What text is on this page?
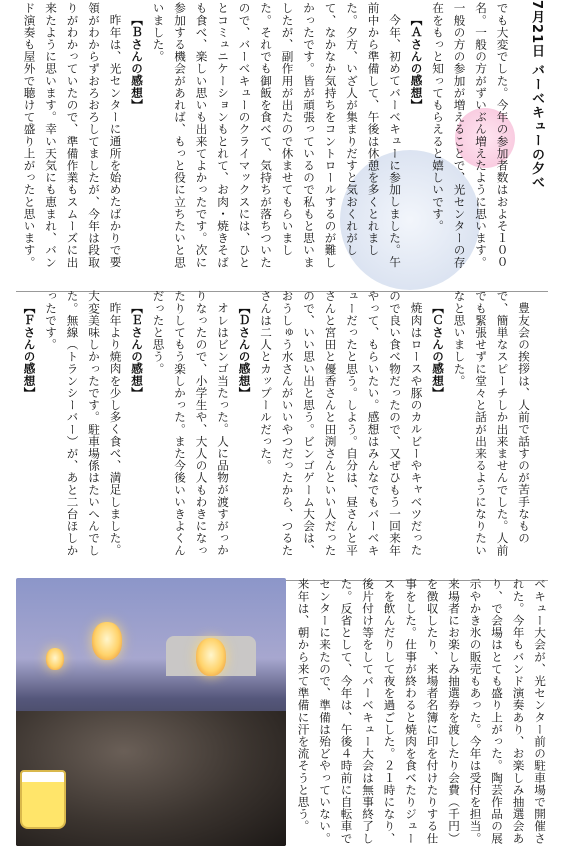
7月21日 バーベキューの夕べ

でも大変でした。今年の参加者数はおよそ１００名。一般の方がずいぶん増えたように思います。一般の方の参加が増えることで、光センターの存在をもっと知ってもらえると嬉しいです。

【Ａさんの感想】

今年、初めてバーベキューに参加しました。午前中から準備して、午後は休憩を多くとれました。夕方、いざ人が集まりだすと気おくれがして、なかなか気持ちをコントロールするのが難しかったです。皆が頑張っているので私もと思いましたが、副作用が出たので休ませてもらいました。それでも御飯を食べて、気持ちが落ちついたので、バーベキューのクライマックスには、ひととコミュニケーションもとれて、お肉・焼きそばも食べ、楽しい思いも出来てよかったです。次に参加する機会があれば、もっと役に立ちたいと思いました。

【Ｂさんの感想】

昨年は、光センターに通所を始めたばかりで要領がわからずおろおろしてましたが、今年は段取りがわかっていたので、準備作業もスムーズに出来たように思います。幸い天気にも恵まれ、バンド演奏も屋外で聴けて盛り上がったと思います。

豊友会の挨拶は、人前で話すのが苦手なもので、簡単なスピーチしか出来ませんでした。人前でも緊張せずに堂々と話が出来るようになりたいなと思いました。

【Ｃさんの感想】

焼肉はロースや豚のカルビーやキャベツだったので良い食べ物だったので、又ぜひもう一回来年やって、もらいたい。感想はみんなでもバーベキューだったと思う。しよう。自分は、昼さんと平さんと宮田と優香さんと田渕さんといい人だったので、いい思い出と思う。ビンゴゲーム大会は、おうしゅう水さんがいいやつだったから、つるたさんは二人とカップールだった。

【Ｄさんの感想】

オレはビンゴ当たった。人に品物が渡すがっかりなったので、小学生や、大人の人もわきになったりしてもう楽しかった。また今後いいきよくんだったと思う。

【Ｅさんの感想】

昨年より焼肉を少し多く食べ、満足しました。大変美味しかったです。駐車場係はたいへんでした。無線（トランシーバー）が、あと二台ほしかったです。

【Ｆさんの感想】

ベキュー大会が、光センター前の駐車場で開催された。今年もバンド演奏あり、お楽しみ抽選会あり、で会場はとても盛り上がった。陶芸作品の展示やかき氷の販売もあった。今年は受付を担当。来場者にお楽しみ抽選券を渡したり会費（千円）を徴収したり、来場者名簿に印を付けたりする仕事をした。仕事が終わると焼肉を食べたりジュースを飲んだりして夜を過ごした。２１時になり、後片付け等をしてバーベキュー大会は無事終了した。反省として、今年は、午後４時前に自転車でセンターに来たので、準備は殆どやっていない。来年は、朝から来て準備に汗を流そうと思う。
